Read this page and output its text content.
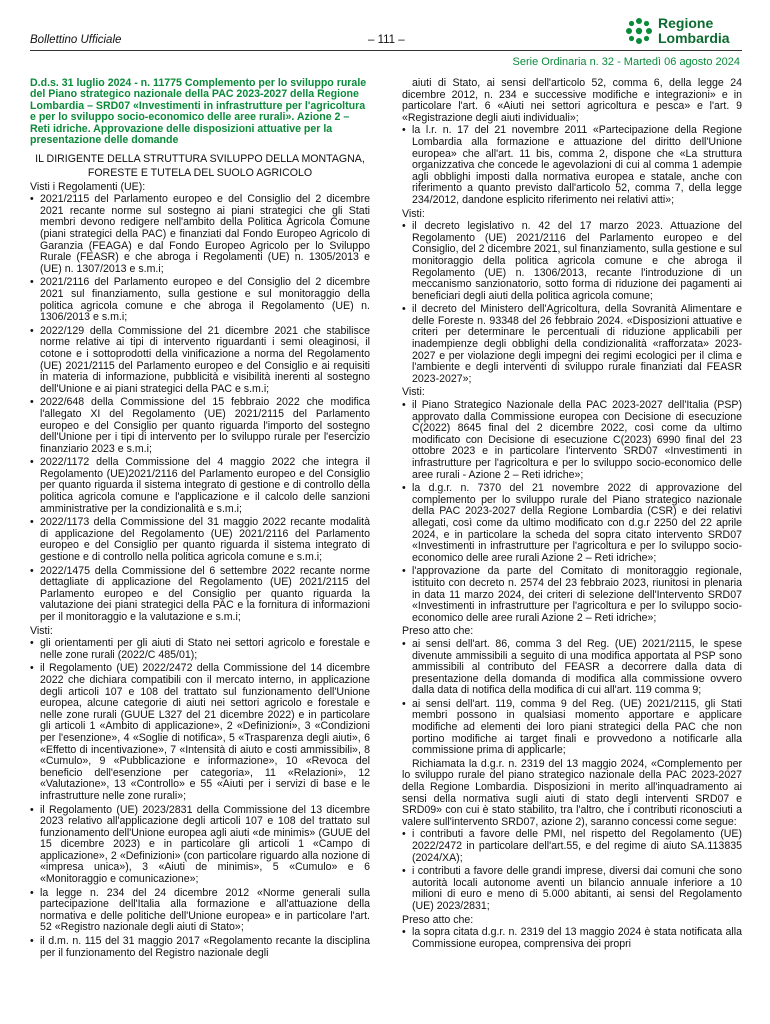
Bollettino Ufficiale	– 111 –
Regione
Lombardia
Serie Ordinaria n. 32 - Martedì 06 agosto 2024
D.d.s. 31 luglio 2024 - n. 11775 Complemento per lo sviluppo rurale del Piano strategico nazionale della PAC 2023-2027 della Regione Lombardia – SRD07 «Investimenti in infrastrutture per l'agricoltura e per lo sviluppo socio-economico delle aree rurali». Azione 2 – Reti idriche. Approvazione delle disposizioni attuative per la presentazione delle domande
IL DIRIGENTE DELLA STRUTTURA SVILUPPO DELLA MONTAGNA,
FORESTE E TUTELA DEL SUOLO AGRICOLO

Visti i Regolamenti (UE):

• 2021/2115 del Parlamento europeo e del Consiglio del 2 dicembre 2021 recante norme sul sostegno ai piani strategici che gli Stati membri devono redigere nell'ambito della Politica Agricola Comune (piani strategici della PAC) e finanziati dal Fondo Europeo Agricolo di Garanzia (FEAGA) e dal Fondo Europeo Agricolo per lo Sviluppo Rurale (FEASR) e che abroga i Regolamenti (UE) n. 1305/2013 e (UE) n. 1307/2013 e s.m.i;
• 2021/2116 del Parlamento europeo e del Consiglio del 2 dicembre 2021 sul finanziamento, sulla gestione e sul monitoraggio della politica agricola comune e che abroga il Regolamento (UE) n. 1306/2013 e s.m.i;
• 2022/129 della Commissione del 21 dicembre 2021 che stabilisce norme relative ai tipi di intervento riguardanti i semi oleaginosi, il cotone e i sottoprodotti della vinificazione a norma del Regolamento (UE) 2021/2115 del Parlamento europeo e del Consiglio e ai requisiti in materia di informazione, pubblicità e visibilità inerenti al sostegno dell'Unione e ai piani strategici della PAC e s.m.i;
• 2022/648 della Commissione del 15 febbraio 2022 che modifica l'allegato XI del Regolamento (UE) 2021/2115 del Parlamento europeo e del Consiglio per quanto riguarda l'importo del sostegno dell'Unione per i tipi di intervento per lo sviluppo rurale per l'esercizio finanziario 2023 e s.m.i;
• 2022/1172 della Commissione del 4 maggio 2022 che integra il Regolamento (UE)2021/2116 del Parlamento europeo e del Consiglio per quanto riguarda il sistema integrato di gestione e di controllo della politica agricola comune e l'applicazione e il calcolo delle sanzioni amministrative per la condizionalità e s.m.i;
• 2022/1173 della Commissione del 31 maggio 2022 recante modalità di applicazione del Regolamento (UE) 2021/2116 del Parlamento europeo e del Consiglio per quanto riguarda il sistema integrato di gestione e di controllo nella politica agricola comune e s.m.i;
• 2022/1475 della Commissione del 6 settembre 2022 recante norme dettagliate di applicazione del Regolamento (UE) 2021/2115 del Parlamento europeo e del Consiglio per quanto riguarda la valutazione dei piani strategici della PAC e la fornitura di informazioni per il monitoraggio e la valutazione e s.m.i;

Visti:

• gli orientamenti per gli aiuti di Stato nei settori agricolo e forestale e nelle zone rurali (2022/C 485/01);
• il Regolamento (UE) 2022/2472 della Commissione del 14 dicembre 2022 che dichiara compatibili con il mercato interno, in applicazione degli articoli 107 e 108 del trattato sul funzionamento dell'Unione europea, alcune categorie di aiuti nei settori agricolo e forestale e nelle zone rurali (GUUE L327 del 21 dicembre 2022) e in particolare gli articoli 1 «Ambito di applicazione», 2 «Definizioni», 3 «Condizioni per l'esenzione», 4 «Soglie di notifica», 5 «Trasparenza degli aiuti», 6 «Effetto di incentivazione», 7 «Intensità di aiuto e costi ammissibili», 8 «Cumulo», 9 «Pubblicazione e informazione», 10 «Revoca del beneficio dell'esenzione per categoria», 11 «Relazioni», 12 «Valutazione», 13 «Controllo» e 55 «Aiuti per i servizi di base e le infrastrutture nelle zone rurali»;
• il Regolamento (UE) 2023/2831 della Commissione del 13 dicembre 2023 relativo all'applicazione degli articoli 107 e 108 del trattato sul funzionamento dell'Unione europea agli aiuti «de minimis» (GUUE del 15 dicembre 2023) e in particolare gli articoli 1 «Campo di applicazione», 2 «Definizioni» (con particolare riguardo alla nozione di «impresa unica»), 3 «Aiuti de minimis», 5 «Cumulo» e 6 «Monitoraggio e comunicazione»;
• la legge n. 234 del 24 dicembre 2012 «Norme generali sulla partecipazione dell'Italia alla formazione e all'attuazione della normativa e delle politiche dell'Unione europea» e in particolare l'art. 52 «Registro nazionale degli aiuti di Stato»;
• il d.m. n. 115 del 31 maggio 2017 «Regolamento recante la disciplina per il funzionamento del Registro nazionale degli

aiuti di Stato, ai sensi dell'articolo 52, comma 6, della legge 24 dicembre 2012, n. 234 e successive modifiche e integrazioni» e in particolare l'art. 6 «Aiuti nei settori agricoltura e pesca» e l'art. 9 «Registrazione degli aiuti individuali»;

• la l.r. n. 17 del 21 novembre 2011 «Partecipazione della Regione Lombardia alla formazione e attuazione del diritto dell'Unione europea» che all'art. 11 bis, comma 2, dispone che «La struttura organizzativa che concede le agevolazioni di cui al comma 1 adempie agli obblighi imposti dalla normativa europea e statale, anche con riferimento a quanto previsto dall'articolo 52, comma 7, della legge 234/2012, dandone esplicito riferimento nei relativi atti»;

Visti:

• il decreto legislativo n. 42 del 17 marzo 2023. Attuazione del Regolamento (UE) 2021/2116 del Parlamento europeo e del Consiglio, del 2 dicembre 2021, sul finanziamento, sulla gestione e sul monitoraggio della politica agricola comune e che abroga il Regolamento (UE) n. 1306/2013, recante l'introduzione di un meccanismo sanzionatorio, sotto forma di riduzione dei pagamenti ai beneficiari degli aiuti della politica agricola comune;
• il decreto del Ministero dell'Agricoltura, della Sovranità Alimentare e delle Foreste n. 93348 del 26 febbraio 2024. «Disposizioni attuative e criteri per determinare le percentuali di riduzione applicabili per inadempienze degli obblighi della condizionalità «rafforzata» 2023-2027 e per violazione degli impegni dei regimi ecologici per il clima e l'ambiente e degli interventi di sviluppo rurale finanziati dal FEASR 2023-2027»;

Visti:

• il Piano Strategico Nazionale della PAC 2023-2027 dell'Italia (PSP) approvato dalla Commissione europea con Decisione di esecuzione C(2022) 8645 final del 2 dicembre 2022, così come da ultimo modificato con Decisione di esecuzione C(2023) 6990 final del 23 ottobre 2023 e in particolare l'intervento SRD07 «Investimenti in infrastrutture per l'agricoltura e per lo sviluppo socio-economico delle aree rurali - Azione 2 – Reti idriche»;
• la d.g.r. n. 7370 del 21 novembre 2022 di approvazione del complemento per lo sviluppo rurale del Piano strategico nazionale della PAC 2023-2027 della Regione Lombardia (CSR) e dei relativi allegati, così come da ultimo modificato con d.g.r 2250 del 22 aprile 2024, e in particolare la scheda del sopra citato intervento SRD07 «Investimenti in infrastrutture per l'agricoltura e per lo sviluppo socio-economico delle aree rurali Azione 2 – Reti idriche»;
• l'approvazione da parte del Comitato di monitoraggio regionale, istituito con decreto n. 2574 del 23 febbraio 2023, riunitosi in plenaria in data 11 marzo 2024, dei criteri di selezione dell'Intervento SRD07 «Investimenti in infrastrutture per l'agricoltura e per lo sviluppo socio-economico delle aree rurali Azione 2 – Reti idriche»;

Preso atto che:

• ai sensi dell'art. 86, comma 3 del Reg. (UE) 2021/2115, le spese divenute ammissibili a seguito di una modifica apportata al PSP sono ammissibili al contributo del FEASR a decorrere dalla data di presentazione della domanda di modifica alla commissione ovvero dalla data di notifica della modifica di cui all'art. 119 comma 9;
• ai sensi dell'art. 119, comma 9 del Reg. (UE) 2021/2115, gli Stati membri possono in qualsiasi momento apportare e applicare modifiche ad elementi dei loro piani strategici della PAC che non portino modifiche ai target finali e provvedono a notificarle alla commissione prima di applicarle;

Richiamata la d.g.r. n. 2319 del 13 maggio 2024, «Complemento per lo sviluppo rurale del piano strategico nazionale della PAC 2023-2027 della Regione Lombardia. Disposizioni in merito all'inquadramento ai sensi della normativa sugli aiuti di stato degli interventi SRD07 e SRD09» con cui è stato stabilito, tra l'altro, che i contributi riconosciuti a valere sull'intervento SRD07, azione 2), saranno concessi come segue:

• i contributi a favore delle PMI, nel rispetto del Regolamento (UE) 2022/2472 in particolare dell'art.55, e del regime di aiuto SA.113835 (2024/XA);
• i contributi a favore delle grandi imprese, diversi dai comuni che sono autorità locali autonome aventi un bilancio annuale inferiore a 10 milioni di euro e meno di 5.000 abitanti, ai sensi del Regolamento (UE) 2023/2831;

Preso atto che:

• la sopra citata d.g.r. n. 2319 del 13 maggio 2024 è stata notificata alla Commissione europea, comprensiva dei propri
